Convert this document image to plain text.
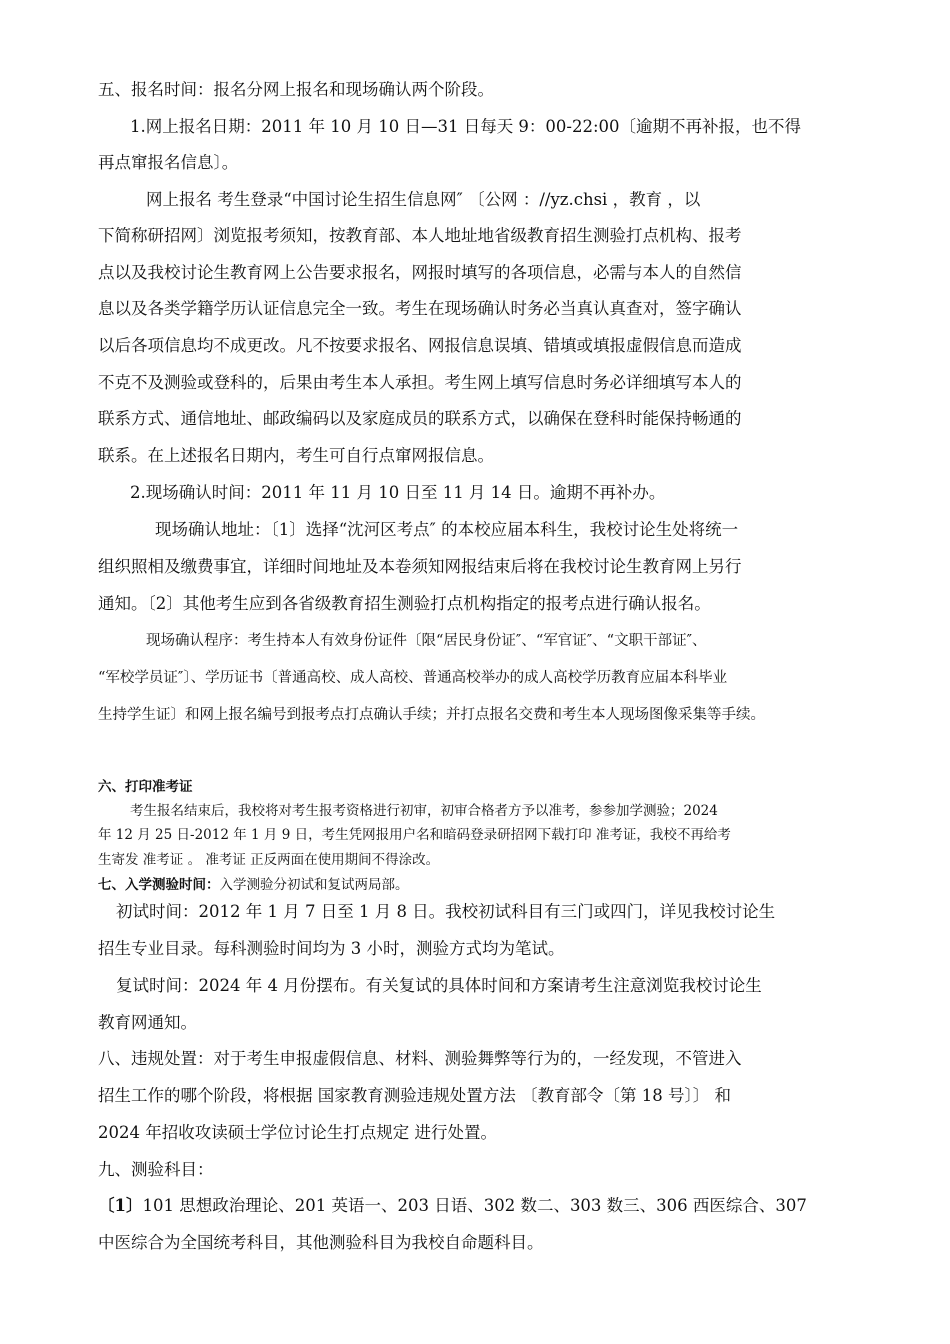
五、报名时间：报名分网上报名和现场确认两个阶段。
1.网上报名日期：2011 年 10 月 10 日—31 日每天 9：00-22:00〔逾期不再补报，也不得
再点窜报名信息〕。
网上报名 考生登录“中国讨论生招生信息网″ 〔公网 ：//yz.chsi ，教育 ，以
下简称研招网〕浏览报考须知，按教育部、本人地址地省级教育招生测验打点机构、报考
点以及我校讨论生教育网上公告要求报名，网报时填写的各项信息，必需与本人的自然信
息以及各类学籍学历认证信息完全一致。考生在现场确认时务必当真认真查对，签字确认
以后各项信息均不成更改。凡不按要求报名、网报信息误填、错填或填报虚假信息而造成
不克不及测验或登科的，后果由考生本人承担。考生网上填写信息时务必详细填写本人的
联系方式、通信地址、邮政编码以及家庭成员的联系方式，以确保在登科时能保持畅通的
联系。在上述报名日期内，考生可自行点窜网报信息。
2.现场确认时间：2011 年 11 月 10 日至 11 月 14 日。逾期不再补办。
现场确认地址：〔1〕选择“沈河区考点″ 的本校应届本科生，我校讨论生处将统一
组织照相及缴费事宜，详细时间地址及本卷须知网报结束后将在我校讨论生教育网上另行
通知。〔2〕其他考生应到各省级教育招生测验打点机构指定的报考点进行确认报名。
现场确认程序：考生持本人有效身份证件〔限“居民身份证″、“军官证″、“文职干部证″、
“军校学员证″〕、学历证书〔普通高校、成人高校、普通高校举办的成人高校学历教育应届本科毕业
生持学生证〕和网上报名编号到报考点打点确认手续；并打点报名交费和考生本人现场图像采集等手续。
六、打印准考证
考生报名结束后，我校将对考生报考资格进行初审，初审合格者方予以准考，参参加学测验；2024
年 12 月 25 日-2012 年 1 月 9 日，考生凭网报用户名和暗码登录研招网下载打印 准考证，我校不再给考
生寄发 准考证 。 准考证 正反两面在使用期间不得涂改。
七、入学测验时间：入学测验分初试和复试两局部。
初试时间：2012 年 1 月 7 日至 1 月 8 日。我校初试科目有三门或四门，详见我校讨论生
招生专业目录。每科测验时间均为 3 小时，测验方式均为笔试。
复试时间：2024 年 4 月份摆布。有关复试的具体时间和方案请考生注意浏览我校讨论生
教育网通知。
八、违规处置：对于考生申报虚假信息、材料、测验舞弊等行为的，一经发现，不管进入
招生工作的哪个阶段，将根据 国家教育测验违规处置方法 〔教育部令〔第 18 号〕〕 和
2024 年招收攻读硕士学位讨论生打点规定 进行处置。
九、测验科目：
〔1〕101 思想政治理论、201 英语一、203 日语、302 数二、303 数三、306 西医综合、307
中医综合为全国统考科目，其他测验科目为我校自命题科目。
